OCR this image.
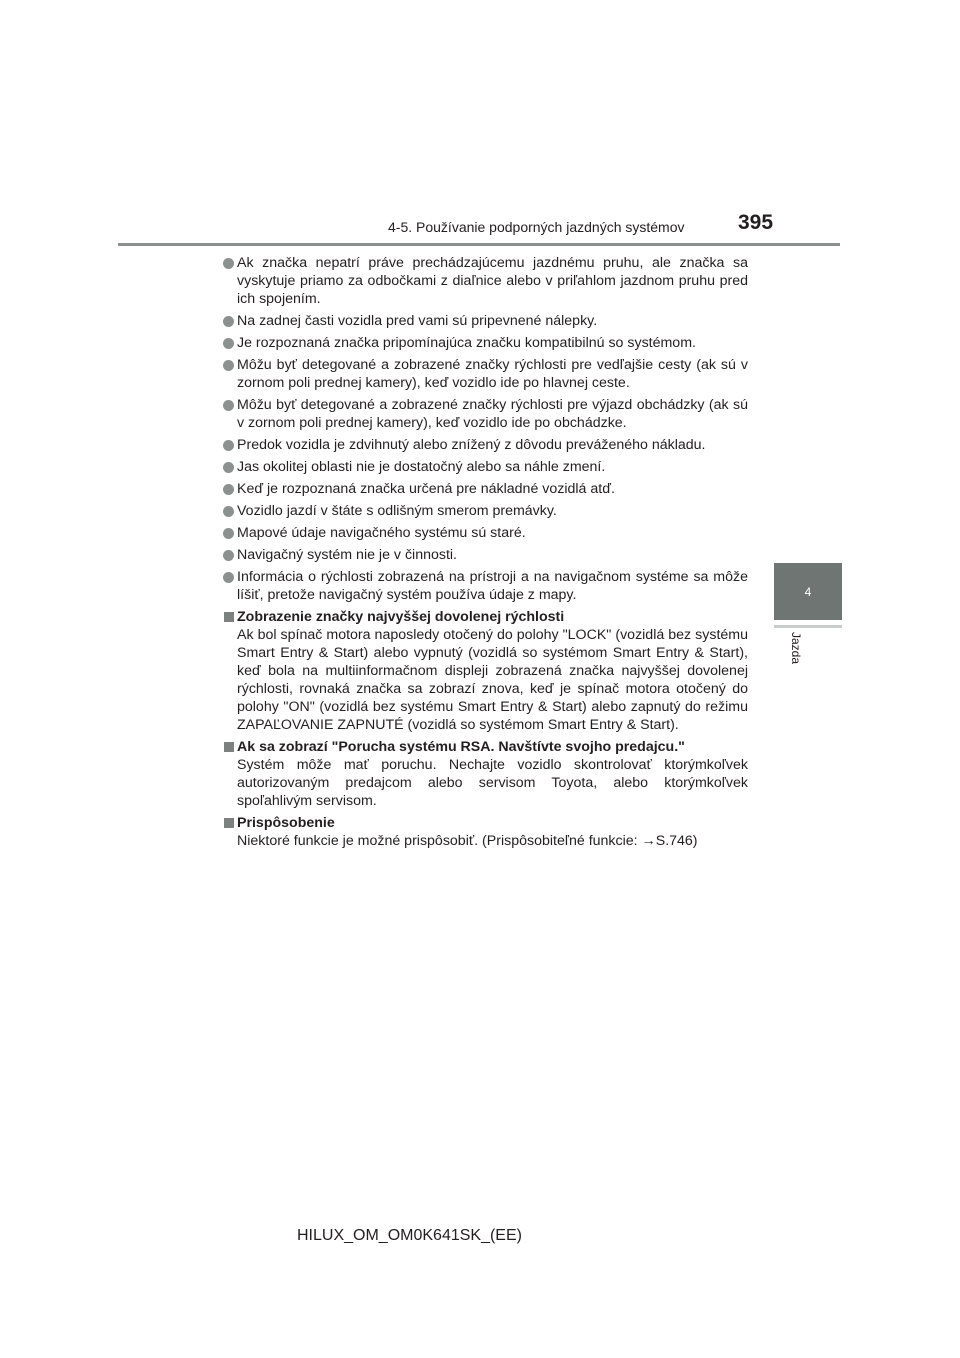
4-5. Používanie podporných jazdných systémov	395
4
Jazda
Ak značka nepatrí práve prechádzajúcemu jazdnému pruhu, ale značka sa vyskytuje priamo za odbočkami z diaľnice alebo v priľahlom jazdnom pruhu pred ich spojením.
Na zadnej časti vozidla pred vami sú pripevnené nálepky.
Je rozpoznaná značka pripomínajúca značku kompatibilnú so systémom.
Môžu byť detegované a zobrazené značky rýchlosti pre vedľajšie cesty (ak sú v zornom poli prednej kamery), keď vozidlo ide po hlavnej ceste.
Môžu byť detegované a zobrazené značky rýchlosti pre výjazd obchádzky (ak sú v zornom poli prednej kamery), keď vozidlo ide po obchádzke.
Predok vozidla je zdvihnutý alebo znížený z dôvodu preváženého nákladu.
Jas okolitej oblasti nie je dostatočný alebo sa náhle zmení.
Keď je rozpoznaná značka určená pre nákladné vozidlá atď.
Vozidlo jazdí v štáte s odlišným smerom premávky.
Mapové údaje navigačného systému sú staré.
Navigačný systém nie je v činnosti.
Informácia o rýchlosti zobrazená na prístroji a na navigačnom systéme sa môže líšiť, pretože navigačný systém používa údaje z mapy.
Zobrazenie značky najvyššej dovolenej rýchlosti
Ak bol spínač motora naposledy otočený do polohy "LOCK" (vozidlá bez systému Smart Entry & Start) alebo vypnutý (vozidlá so systémom Smart Entry & Start), keď bola na multiinformačnom displeji zobrazená značka najvyššej dovolenej rýchlosti, rovnaká značka sa zobrazí znova, keď je spínač motora otočený do polohy "ON" (vozidlá bez systému Smart Entry & Start) alebo zapnutý do režimu ZAPAĽOVANIE ZAPNUTÉ (vozidlá so systémom Smart Entry & Start).
Ak sa zobrazí "Porucha systému RSA. Navštívte svojho predajcu."
Systém môže mať poruchu. Nechajte vozidlo skontrolovať ktorýmkoľvek autorizovaným predajcom alebo servisom Toyota, alebo ktorýmkoľvek spoľahlivým servisom.
Prispôsobenie
Niektoré funkcie je možné prispôsobiť. (Prispôsobiteľné funkcie: →S.746)
HILUX_OM_OM0K641SK_(EE)
